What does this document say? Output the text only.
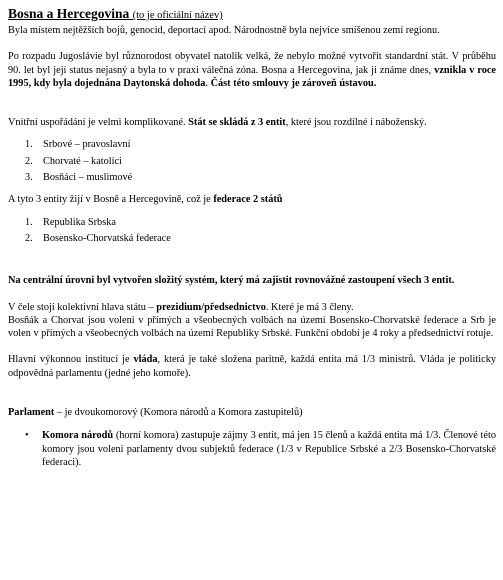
Bosna a Hercegovina (to je oficiální název)

Byla místem nejtěžších bojů, genocid, deportací apod. Národnostně byla nejvíce smíšenou zemí regionu.

Po rozpadu Jugoslávie byl různorodost obyvatel natolik velká, že nebylo možné vytvořit standardní stát. V průběhu 90. let byl její status nejasný a byla to v praxi válečná zóna. Bosna a Hercegovina, jak ji známe dnes, vznikla v roce 1995, kdy byla dojednána Daytonská dohoda. Část této smlouvy je zároveň ústavou.

Vnitřní uspořádání je velmi komplikované. Stát se skládá z 3 entit, které jsou rozdílné i náboženský.

1. Srbové – pravoslavní
2. Chorvaté – katolíci
3. Bosňáci – muslimové

A tyto 3 entity žijí v Bosně a Hercegovině, což je federace 2 států

1. Republika Srbska
2. Bosensko-Chorvatská federace

Na centrální úrovni byl vytvořen složitý systém, který má zajistit rovnovážné zastoupení všech 3 entit.

V čele stojí kolektivní hlava státu – prezidium/předsednictvo. Které je má 3 členy.

Bosňák a Chorvat jsou voleni v přímých a všeobecných volbách na území Bosensko-Chorvatské federace a Srb je volen v přímých a všeobecných volbách na území Republiky Srbské. Funkční období je 4 roky a předsednictví rotuje.

Hlavní výkonnou institucí je vláda, která je také složena paritně, každá entita má 1/3 ministrů. Vláda je politicky odpovědná parlamentu (jedné jeho komoře).

Parlament – je dvoukomorový (Komora národů a Komora zastupitelů)

• Komora národů (horní komora) zastupuje zájmy 3 entit, má jen 15 členů a každá entita má 1/3. Členové této komory jsou voleni parlamenty dvou subjektů federace (1/3 v Republice Srbské a 2/3 Bosensko-Chorvatské federaci).
